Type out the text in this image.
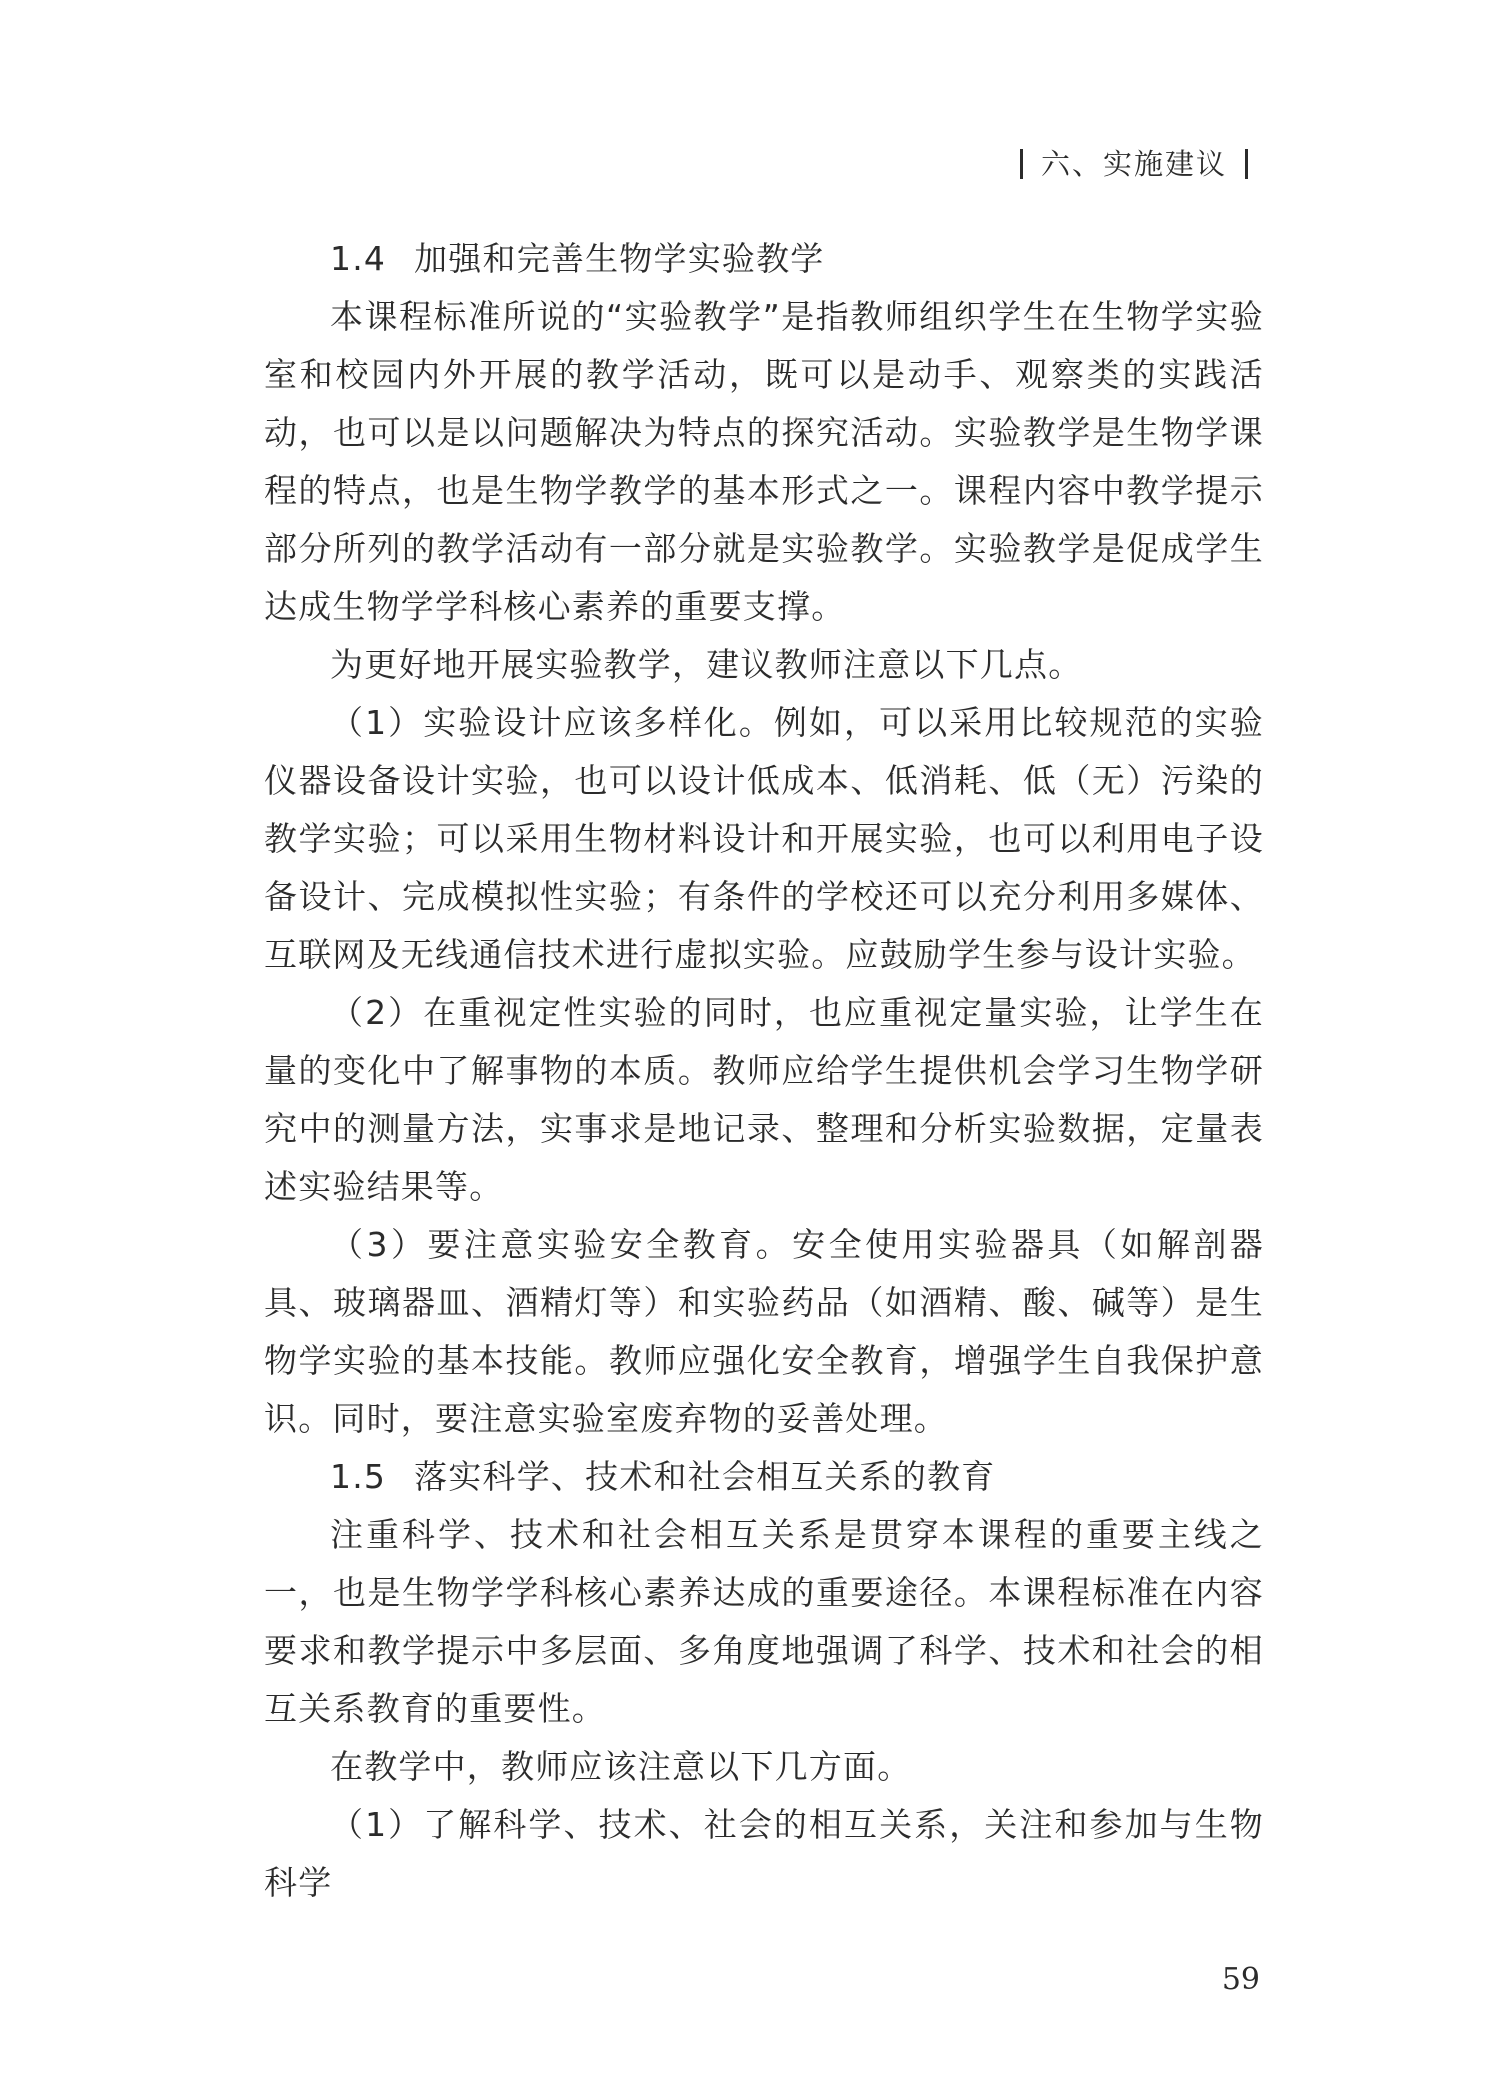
六、实施建议

1.4 加强和完善生物学实验教学

本课程标准所说的“实验教学”是指教师组织学生在生物学实验室和校园内外开展的教学活动，既可以是动手、观察类的实践活动，也可以是以问题解决为特点的探究活动。实验教学是生物学课程的特点，也是生物学教学的基本形式之一。课程内容中教学提示部分所列的教学活动有一部分就是实验教学。实验教学是促成学生达成生物学学科核心素养的重要支撑。

为更好地开展实验教学，建议教师注意以下几点。

（1）实验设计应该多样化。例如，可以采用比较规范的实验仪器设备设计实验，也可以设计低成本、低消耗、低（无）污染的教学实验；可以采用生物材料设计和开展实验，也可以利用电子设备设计、完成模拟性实验；有条件的学校还可以充分利用多媒体、互联网及无线通信技术进行虚拟实验。应鼓励学生参与设计实验。

（2）在重视定性实验的同时，也应重视定量实验，让学生在量的变化中了解事物的本质。教师应给学生提供机会学习生物学研究中的测量方法，实事求是地记录、整理和分析实验数据，定量表述实验结果等。

（3）要注意实验安全教育。安全使用实验器具（如解剖器具、玻璃器皿、酒精灯等）和实验药品（如酒精、酸、碱等）是生物学实验的基本技能。教师应强化安全教育，增强学生自我保护意识。同时，要注意实验室废弃物的妥善处理。

1.5 落实科学、技术和社会相互关系的教育

注重科学、技术和社会相互关系是贯穿本课程的重要主线之一，也是生物学学科核心素养达成的重要途径。本课程标准在内容要求和教学提示中多层面、多角度地强调了科学、技术和社会的相互关系教育的重要性。

在教学中，教师应该注意以下几方面。

（1）了解科学、技术、社会的相互关系，关注和参加与生物科学

59
